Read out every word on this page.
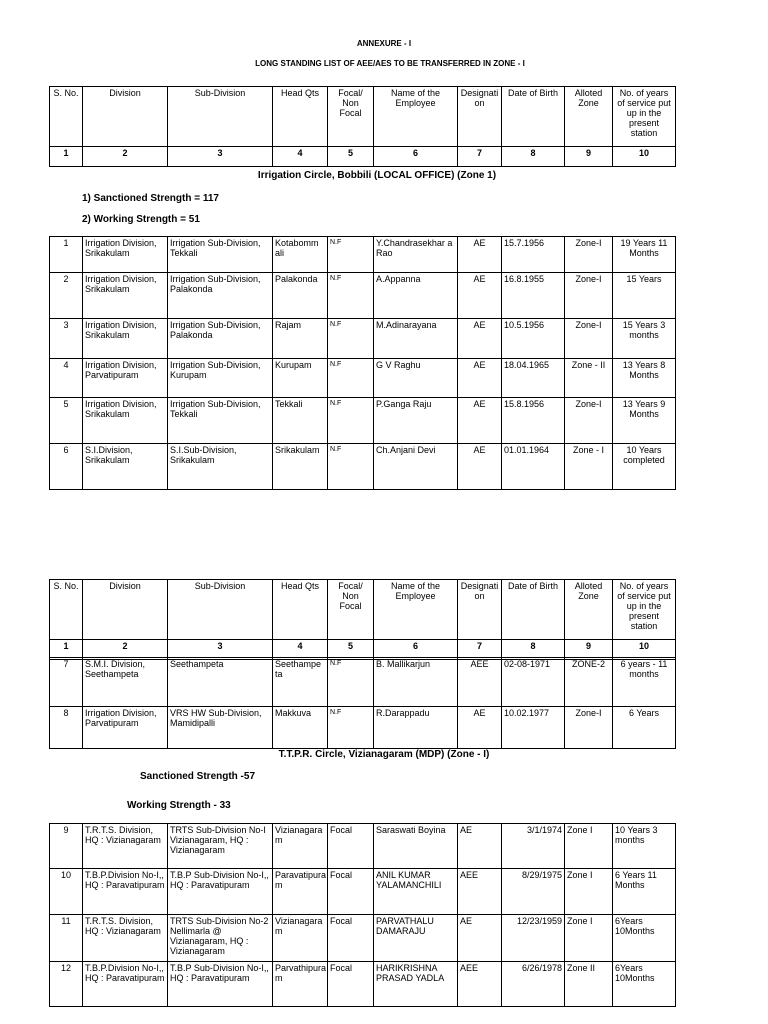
ANNEXURE - I
LONG STANDING LIST OF AEE/AES TO BE TRANSFERRED IN ZONE - I
S. No.	Division	Sub-Division	Head Qts	Focal/ Non Focal	Name of the Employee	Designati on	Date of Birth	Alloted Zone	No. of years of service put up in the present station
1	2	3	4	5	6	7	8	9	10
Irrigation Circle, Bobbili (LOCAL OFFICE) (Zone 1)
1) Sanctioned Strength = 117
2) Working Strength = 51
1	Irrigation Division, Srikakulam	Irrigation Sub-Division, Tekkali	Kotabomm ali	N.F	Y.Chandrasekhar a Rao	AE	15.7.1956	Zone-I	19 Years 11 Months
2	Irrigation Division, Srikakulam	Irrigation Sub-Division, Palakonda	Palakonda	N.F	A.Appanna	AE	16.8.1955	Zone-I	15 Years
3	Irrigation Division, Srikakulam	Irrigation Sub-Division, Palakonda	Rajam	N.F	M.Adinarayana	AE	10.5.1956	Zone-I	15 Years 3 months
4	Irrigation Division, Parvatipuram	Irrigation Sub-Division, Kurupam	Kurupam	N.F	G V Raghu	AE	18.04.1965	Zone - II	13 Years 8 Months
5	Irrigation Division, Srikakulam	Irrigation Sub-Division, Tekkali	Tekkali	N.F	P.Ganga Raju	AE	15.8.1956	Zone-I	13 Years 9 Months
6	S.I.Division, Srikakulam	S.I.Sub-Division, Srikakulam	Srikakulam	N.F	Ch.Anjani Devi	AE	01.01.1964	Zone - I	10 Years completed
S. No.	Division	Sub-Division	Head Qts	Focal/ Non Focal	Name of the Employee	Designati on	Date of Birth	Alloted Zone	No. of years of service put up in the present station
1	2	3	4	5	6	7	8	9	10
7	S.M.I. Division, Seethampeta	Seethampeta	Seethampe ta	N.F	B. Mallikarjun	AEE	02-08-1971	ZONE-2	6 years - 11 months
8	Irrigation Division, Parvatipuram	VRS HW Sub-Division, Mamidipalli	Makkuva	N.F	R.Darappadu	AE	10.02.1977	Zone-I	6 Years
T.T.P.R. Circle, Vizianagaram (MDP) (Zone - I)
Sanctioned Strength -57
Working Strength - 33
9	T.R.T.S. Division, HQ : Vizianagaram	TRTS Sub-Division No-I Vizianagaram, HQ : Vizianagaram	Vizianagara m	Focal	Saraswati Boyina	AE	3/1/1974	Zone I	10 Years 3 months
10	T.B.P.Division No-I,, HQ : Paravatipuram	T.B.P Sub-Division No-I,, HQ : Paravatipuram	Paravatipura m	Focal	ANIL KUMAR YALAMANCHILI	AEE	8/29/1975	Zone I	6 Years 11 Months
11	T.R.T.S. Division, HQ : Vizianagaram	TRTS Sub-Division No-2 Nellimarla @ Vizianagaram, HQ : Vizianagaram	Vizianagara m	Focal	PARVATHALU DAMARAJU	AE	12/23/1959	Zone I	6Years 10Months
12	T.B.P.Division No-I,, HQ : Paravatipuram	T.B.P Sub-Division No-I,, HQ : Paravatipuram	Parvathipura m	Focal	HARIKRISHNA PRASAD YADLA	AEE	6/26/1978	Zone II	6Years 10Months
